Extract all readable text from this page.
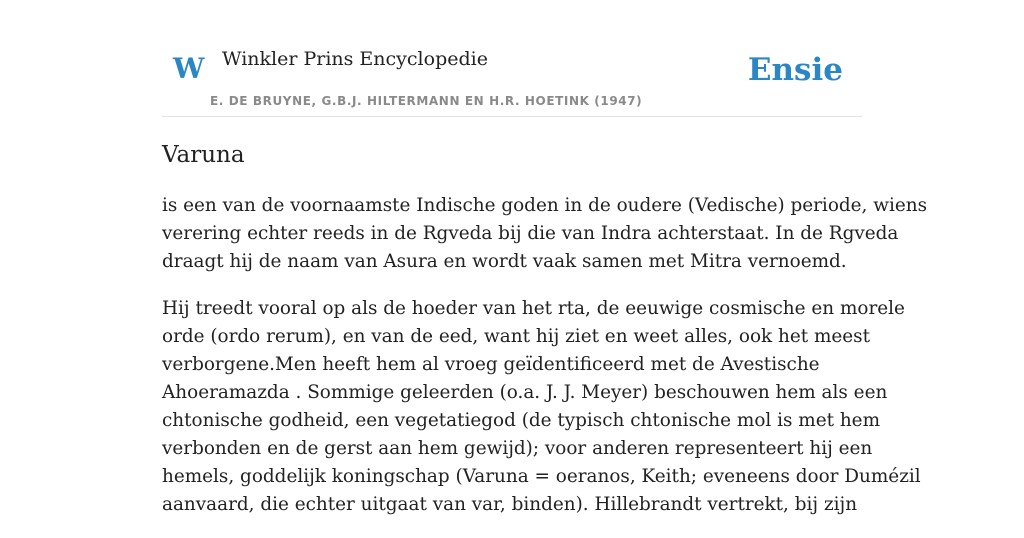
W Winkler Prins Encyclopedie
E. DE BRUYNE, G.B.J. HILTERMANN EN H.R. HOETINK (1947)
Ensie
Varuna

is een van de voornaamste Indische goden in de oudere (Vedische) periode, wiens
verering echter reeds in de Rgveda bij die van Indra achterstaat. In de Rgveda
draagt hij de naam van Asura en wordt vaak samen met Mitra vernoemd.

Hij treedt vooral op als de hoeder van het rta, de eeuwige cosmische en morele
orde (ordo rerum), en van de eed, want hij ziet en weet alles, ook het meest
verborgene.Men heeft hem al vroeg geïdentificeerd met de Avestische
Ahoeramazda . Sommige geleerden (o.a. J. J. Meyer) beschouwen hem als een
chtonische godheid, een vegetatiegod (de typisch chtonische mol is met hem
verbonden en de gerst aan hem gewijd); voor anderen representeert hij een
hemels, goddelijk koningschap (Varuna = oeranos, Keith; eveneens door Dumézil
aanvaard, die echter uitgaat van var, binden). Hillebrandt vertrekt, bij zijn
